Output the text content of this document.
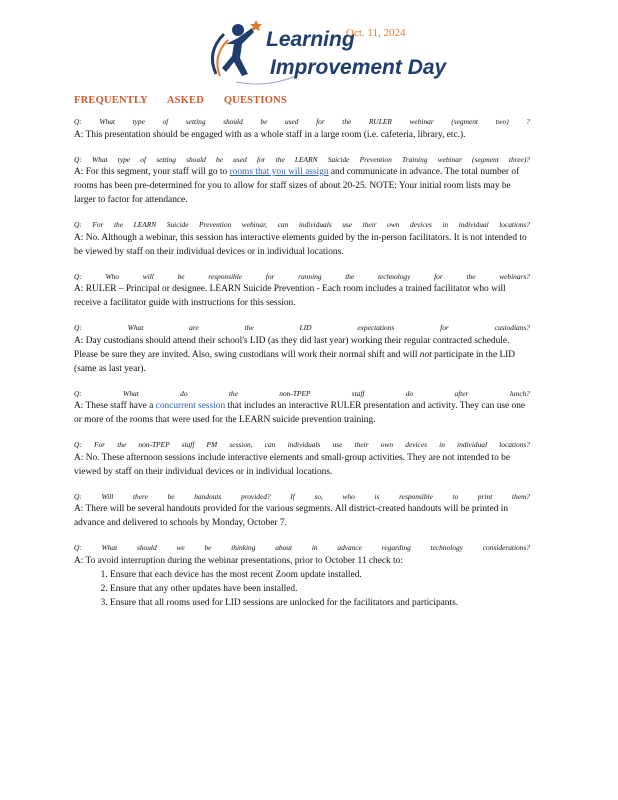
Learning
Oct. 11, 2024
Improvement Day
FREQUENTLY ASKED QUESTIONS
Q: What type of setting should be used for the RULER webinar (segment two) ?
A: This presentation should be engaged with as a whole staff in a large room (i.e. cafeteria, library, etc.).
Q: What type of setting should be used for the LEARN Suicide Prevention Training webinar (segment three)?
A: For this segment, your staff will go to rooms that you will assign and communicate in advance. The total number of rooms has been pre-determined for you to allow for staff sizes of about 20-25. NOTE: Your initial room lists may be larger to factor for attendance.
Q: For the LEARN Suicide Prevention webinar, can individuals use their own devices in individual locations?
A: No. Although a webinar, this session has interactive elements guided by the in-person facilitators. It is not intended to be viewed by staff on their individual devices or in individual locations.
Q: Who will be responsible for running the technology for the webinars?
A: RULER – Principal or designee. LEARN Suicide Prevention - Each room includes a trained facilitator who will receive a facilitator guide with instructions for this session.
Q: What are the LID expectations for custodians?
A: Day custodians should attend their school's LID (as they did last year) working their regular contracted schedule. Please be sure they are invited. Also, swing custodians will work their normal shift and will not participate in the LID (same as last year).
Q: What do the non-TPEP staff do after lunch?
A: These staff have a concurrent session that includes an interactive RULER presentation and activity. They can use one or more of the rooms that were used for the LEARN suicide prevention training.
Q: For the non-TPEP staff PM session, can individuals use their own devices in individual locations?
A: No. These afternoon sessions include interactive elements and small-group activities. They are not intended to be viewed by staff on their individual devices or in individual locations.
Q: Will there be handouts provided? If so, who is responsible to print them?
A: There will be several handouts provided for the various segments. All district-created handouts will be printed in advance and delivered to schools by Monday, October 7.
Q: What should we be thinking about in advance regarding technology considerations?
A: To avoid interruption during the webinar presentations, prior to October 11 check to:
1. Ensure that each device has the most recent Zoom update installed.
2. Ensure that any other updates have been installed.
3. Ensure that all rooms used for LID sessions are unlocked for the facilitators and participants.
